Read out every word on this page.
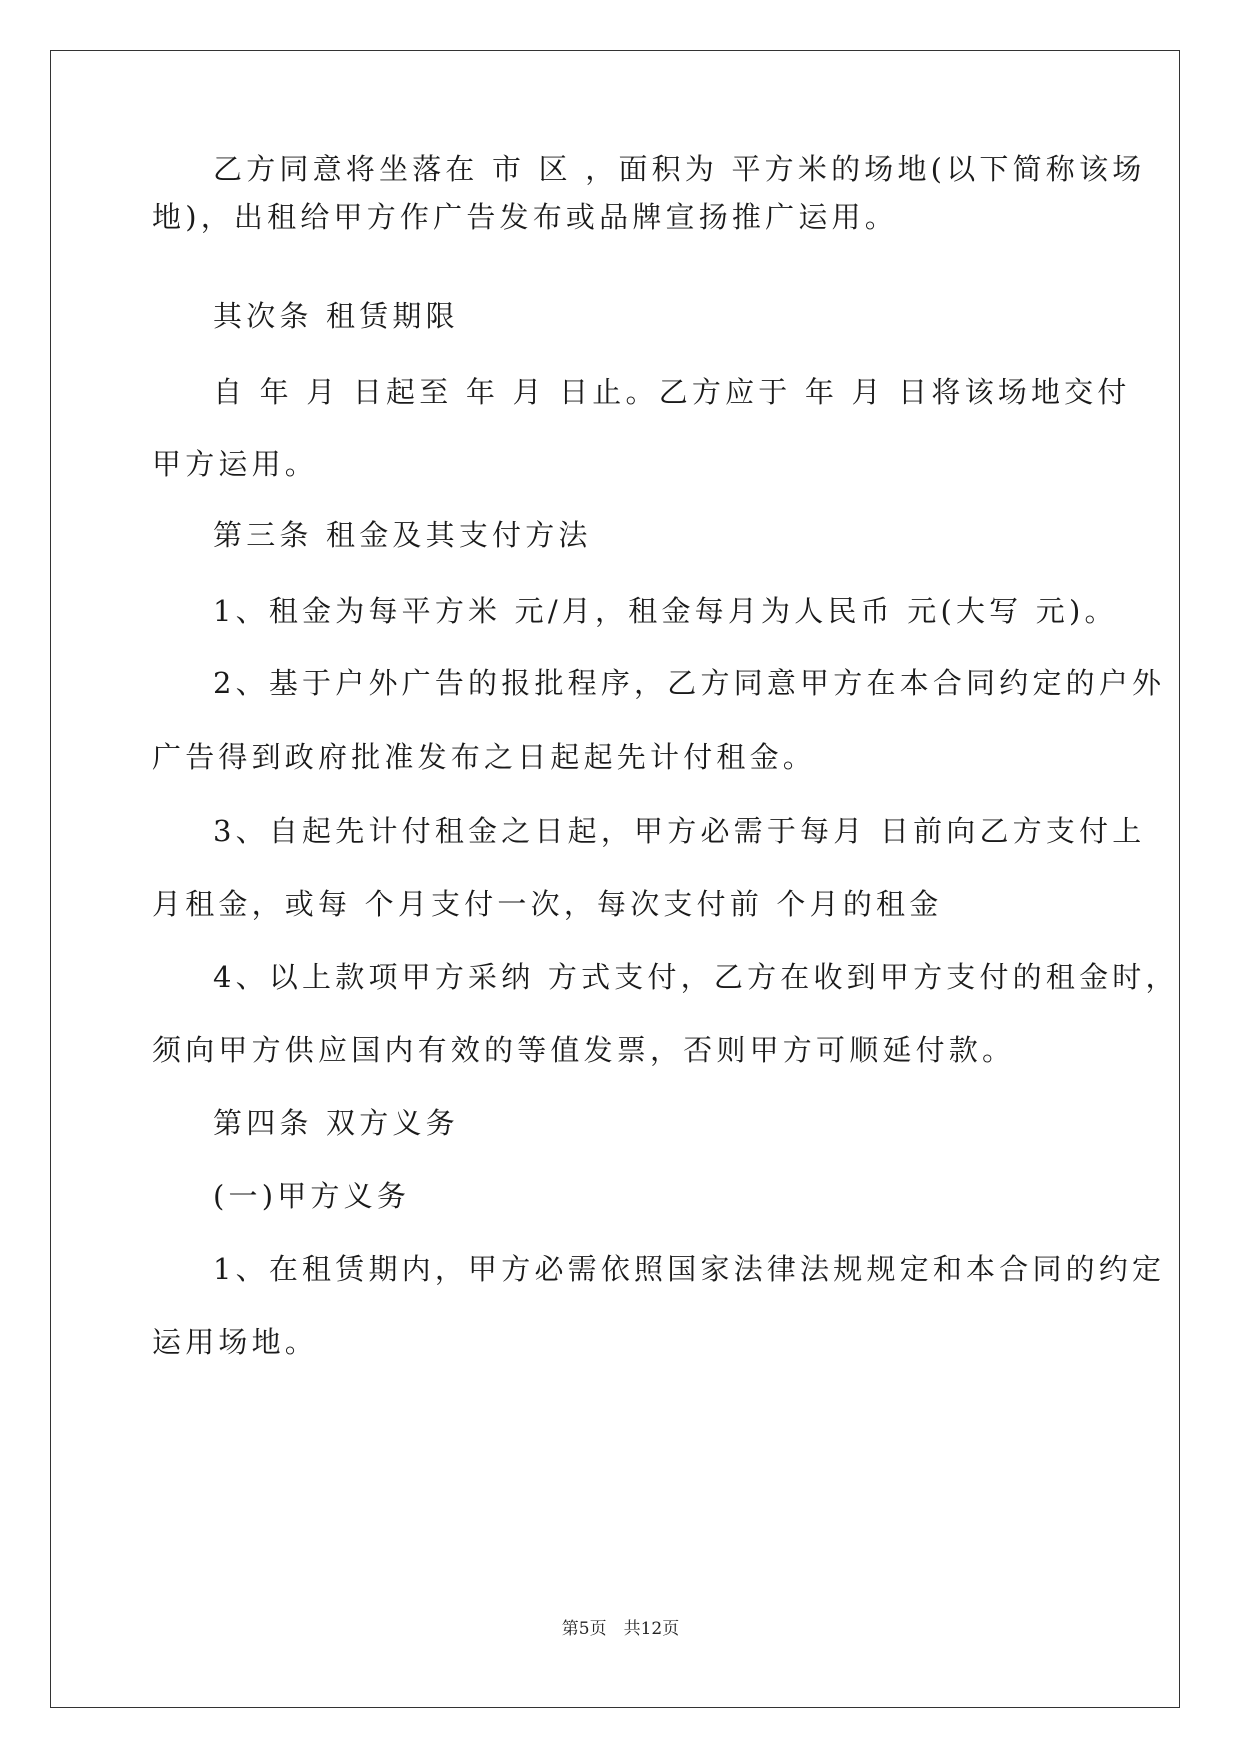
乙方同意将坐落在 市 区 ，面积为 平方米的场地(以下简称该场

地)，出租给甲方作广告发布或品牌宣扬推广运用。

其次条 租赁期限

自 年 月 日起至 年 月 日止。乙方应于 年 月 日将该场地交付

甲方运用。

第三条 租金及其支付方法

1、租金为每平方米 元/月，租金每月为人民币 元(大写 元)。

2、基于户外广告的报批程序，乙方同意甲方在本合同约定的户外

广告得到政府批准发布之日起起先计付租金。

3、自起先计付租金之日起，甲方必需于每月 日前向乙方支付上

月租金，或每 个月支付一次，每次支付前 个月的租金

4、以上款项甲方采纳 方式支付，乙方在收到甲方支付的租金时，

须向甲方供应国内有效的等值发票，否则甲方可顺延付款。

第四条 双方义务

(一)甲方义务

1、在租赁期内，甲方必需依照国家法律法规规定和本合同的约定

运用场地。

第5页　共12页
